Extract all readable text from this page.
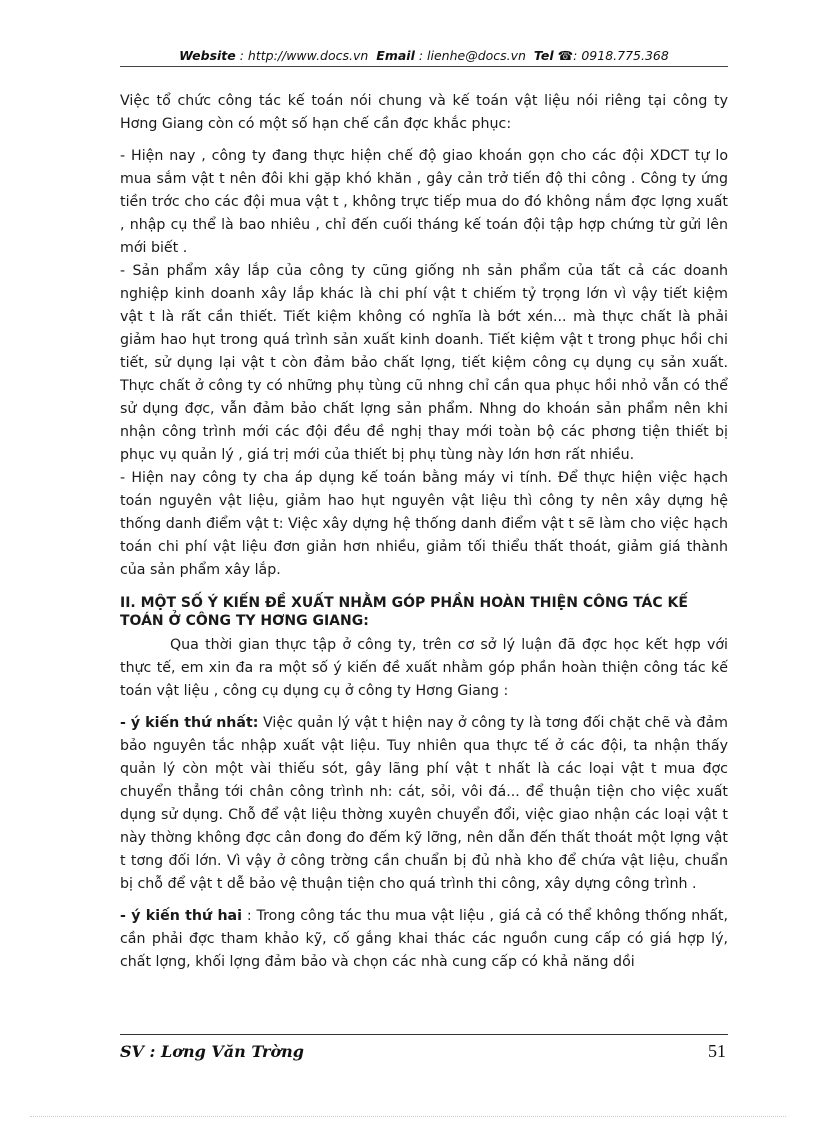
Website : http://www.docs.vn Email : lienhe@docs.vn Tel ☎: 0918.775.368

Việc tổ chức công tác kế toán nói chung và kế toán vật liệu nói riêng tại công ty Hơng Giang còn có một số hạn chế cần đợc khắc phục:

- Hiện nay , công ty đang thực hiện chế độ giao khoán gọn cho các đội XDCT tự lo mua sắm vật t nên đôi khi gặp khó khăn , gây cản trở tiến độ thi công . Công ty ứng tiền trớc cho các đội mua vật t , không trực tiếp mua do đó không nắm đợc lợng xuất , nhập cụ thể là bao nhiêu , chỉ đến cuối tháng kế toán đội tập hợp chứng từ gửi lên mới biết .

- Sản phẩm xây lắp của công ty cũng giống nh sản phẩm của tất cả các doanh nghiệp kinh doanh xây lắp khác là chi phí vật t chiếm tỷ trọng lớn vì vậy tiết kiệm vật t là rất cần thiết. Tiết kiệm không có nghĩa là bớt xén... mà thực chất là phải giảm hao hụt trong quá trình sản xuất kinh doanh. Tiết kiệm vật t trong phục hồi chi tiết, sử dụng lại vật t còn đảm bảo chất lợng, tiết kiệm công cụ dụng cụ sản xuất. Thực chất ở công ty có những phụ tùng cũ nhng chỉ cần qua phục hồi nhỏ vẫn có thể sử dụng đợc, vẫn đảm bảo chất lợng sản phẩm. Nhng do khoán sản phẩm nên khi nhận công trình mới các đội đều đề nghị thay mới toàn bộ các phơng tiện thiết bị phục vụ quản lý , giá trị mới của thiết bị phụ tùng này lớn hơn rất nhiều.

- Hiện nay công ty cha áp dụng kế toán bằng máy vi tính. Để thực hiện việc hạch toán nguyên vật liệu, giảm hao hụt nguyên vật liệu thì công ty nên xây dựng hệ thống danh điểm vật t: Việc xây dựng hệ thống danh điểm vật t sẽ làm cho việc hạch toán chi phí vật liệu đơn giản hơn nhiều, giảm tối thiểu thất thoát, giảm giá thành của sản phẩm xây lắp.

II. MỘT SỐ Ý KIẾN ĐỀ XUẤT NHẰM GÓP PHẦN HOÀN THIỆN CÔNG TÁC KẾ TOÁN Ở CÔNG TY HƠNG GIANG:

Qua thời gian thực tập ở công ty, trên cơ sở lý luận đã đợc học kết hợp với thực tế, em xin đa ra một số ý kiến đề xuất nhằm góp phần hoàn thiện công tác kế toán vật liệu , công cụ dụng cụ ở công ty Hơng Giang :

- ý kiến thứ nhất: Việc quản lý vật t hiện nay ở công ty là tơng đối chặt chẽ và đảm bảo nguyên tắc nhập xuất vật liệu. Tuy nhiên qua thực tế ở các đội, ta nhận thấy quản lý còn một vài thiếu sót, gây lãng phí vật t nhất là các loại vật t mua đợc chuyển thẳng tới chân công trình nh: cát, sỏi, vôi đá... để thuận tiện cho việc xuất dụng sử dụng. Chỗ để vật liệu thờng xuyên chuyển đổi, việc giao nhận các loại vật t này thờng không đợc cân đong đo đếm kỹ lỡng, nên dẫn đến thất thoát một lợng vật t tơng đối lớn. Vì vậy ở công trờng cần chuẩn bị đủ nhà kho để chứa vật liệu, chuẩn bị chỗ để vật t dễ bảo vệ thuận tiện cho quá trình thi công, xây dựng công trình .

- ý kiến thứ hai : Trong công tác thu mua vật liệu , giá cả có thể không thống nhất, cần phải đợc tham khảo kỹ, cố gắng khai thác các nguồn cung cấp có giá hợp lý, chất lợng, khối lợng đảm bảo và chọn các nhà cung cấp có khả năng dồi

SV : Lơng Văn Trờng	51
